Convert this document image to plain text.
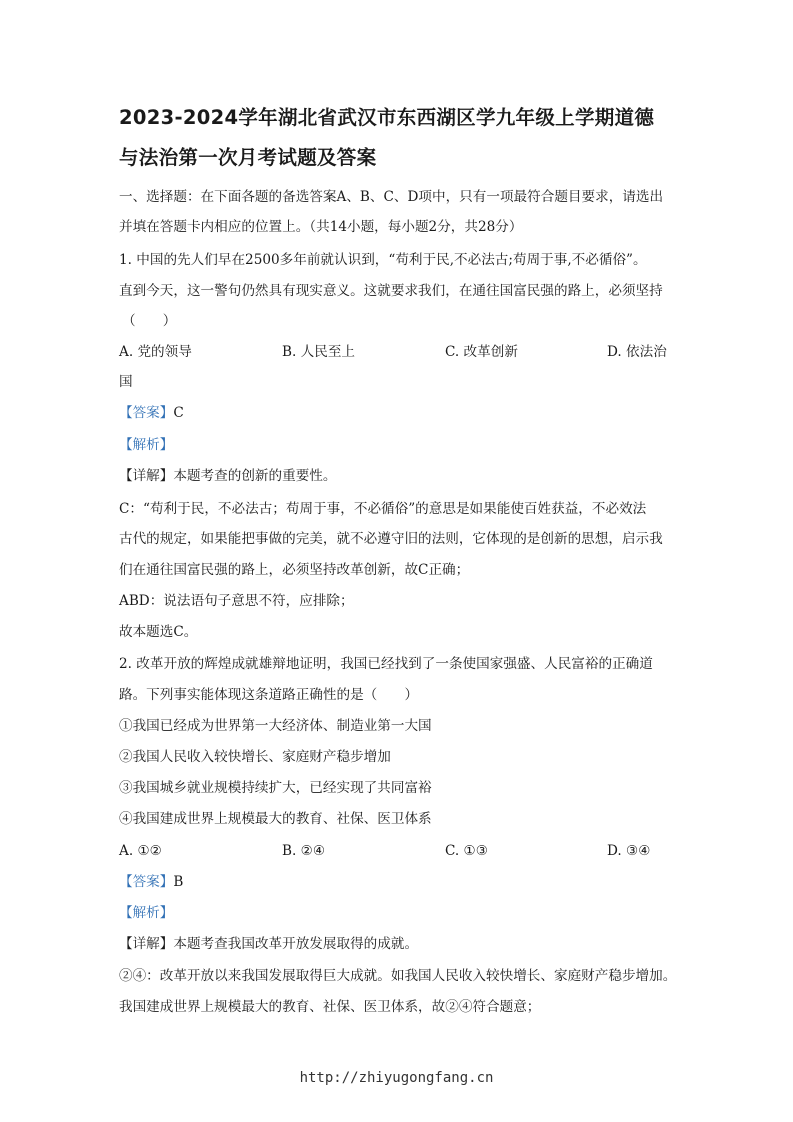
2023-2024学年湖北省武汉市东西湖区学九年级上学期道德
与法治第一次月考试题及答案
一、选择题：在下面各题的备选答案A、B、C、D项中，只有一项最符合题目要求，请选出
并填在答题卡内相应的位置上。（共14小题，每小题2分，共28分）
1. 中国的先人们早在2500多年前就认识到，“苟利于民,不必法古;苟周于事,不必循俗”。
直到今天，这一警句仍然具有现实意义。这就要求我们，在通往国富民强的路上，必须坚持
（　　）
A. 党的领导	B. 人民至上	C. 改革创新	D. 依法治
国
【答案】C
【解析】
【详解】本题考查的创新的重要性。
C：“苟利于民，不必法古；苟周于事，不必循俗”的意思是如果能使百姓获益，不必效法
古代的规定，如果能把事做的完美，就不必遵守旧的法则，它体现的是创新的思想，启示我
们在通往国富民强的路上，必须坚持改革创新，故C正确；
ABD：说法语句子意思不符，应排除；
故本题选C。
2. 改革开放的辉煌成就雄辩地证明，我国已经找到了一条使国家强盛、人民富裕的正确道
路。下列事实能体现这条道路正确性的是（　　）
①我国已经成为世界第一大经济体、制造业第一大国
②我国人民收入较快增长、家庭财产稳步增加
③我国城乡就业规模持续扩大，已经实现了共同富裕
④我国建成世界上规模最大的教育、社保、医卫体系
A. ①②	B. ②④	C. ①③	D. ③④
【答案】B
【解析】
【详解】本题考查我国改革开放发展取得的成就。
②④：改革开放以来我国发展取得巨大成就。如我国人民收入较快增长、家庭财产稳步增加。
我国建成世界上规模最大的教育、社保、医卫体系，故②④符合题意；
http://zhiyugongfang.cn
